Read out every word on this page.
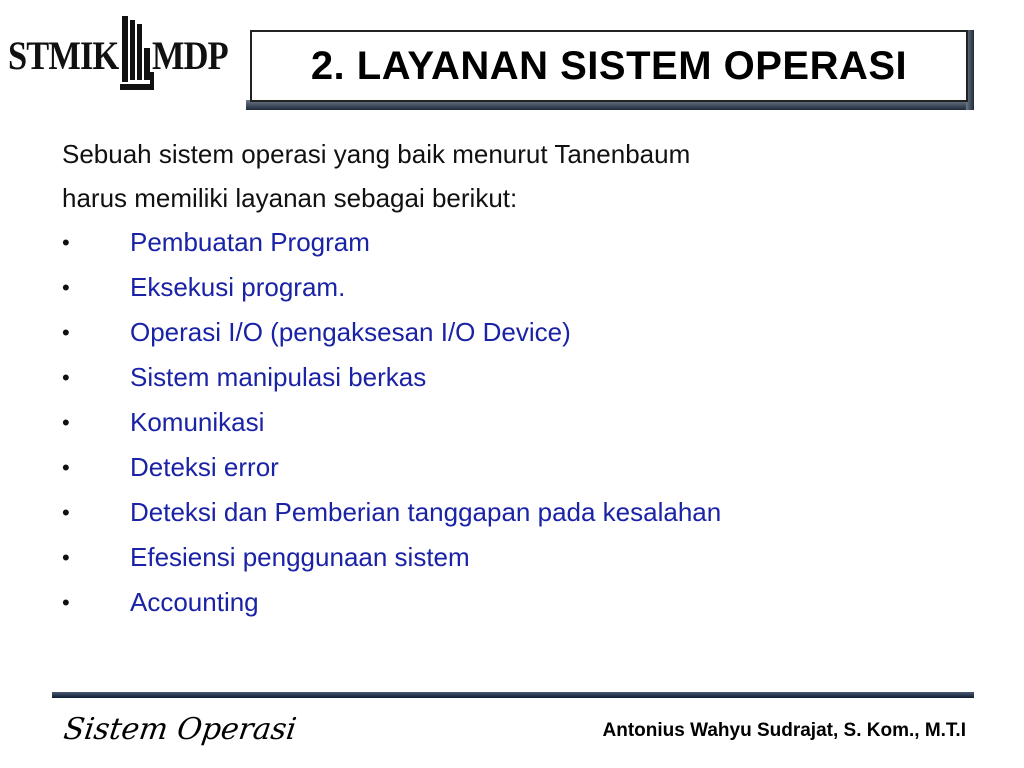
STMIK MDP 2. LAYANAN SISTEM OPERASI

Sebuah sistem operasi yang baik menurut Tanenbaum

harus memiliki layanan sebagai berikut:

•	Pembuatan Program
•	Eksekusi program.
•	Operasi I/O (pengaksesan I/O Device)
•	Sistem manipulasi berkas
•	Komunikasi
•	Deteksi error
•	Deteksi dan Pemberian tanggapan pada kesalahan
•	Efesiensi penggunaan sistem
•	Accounting
Sistem Operasi	Antonius Wahyu Sudrajat, S. Kom., M.T.I
